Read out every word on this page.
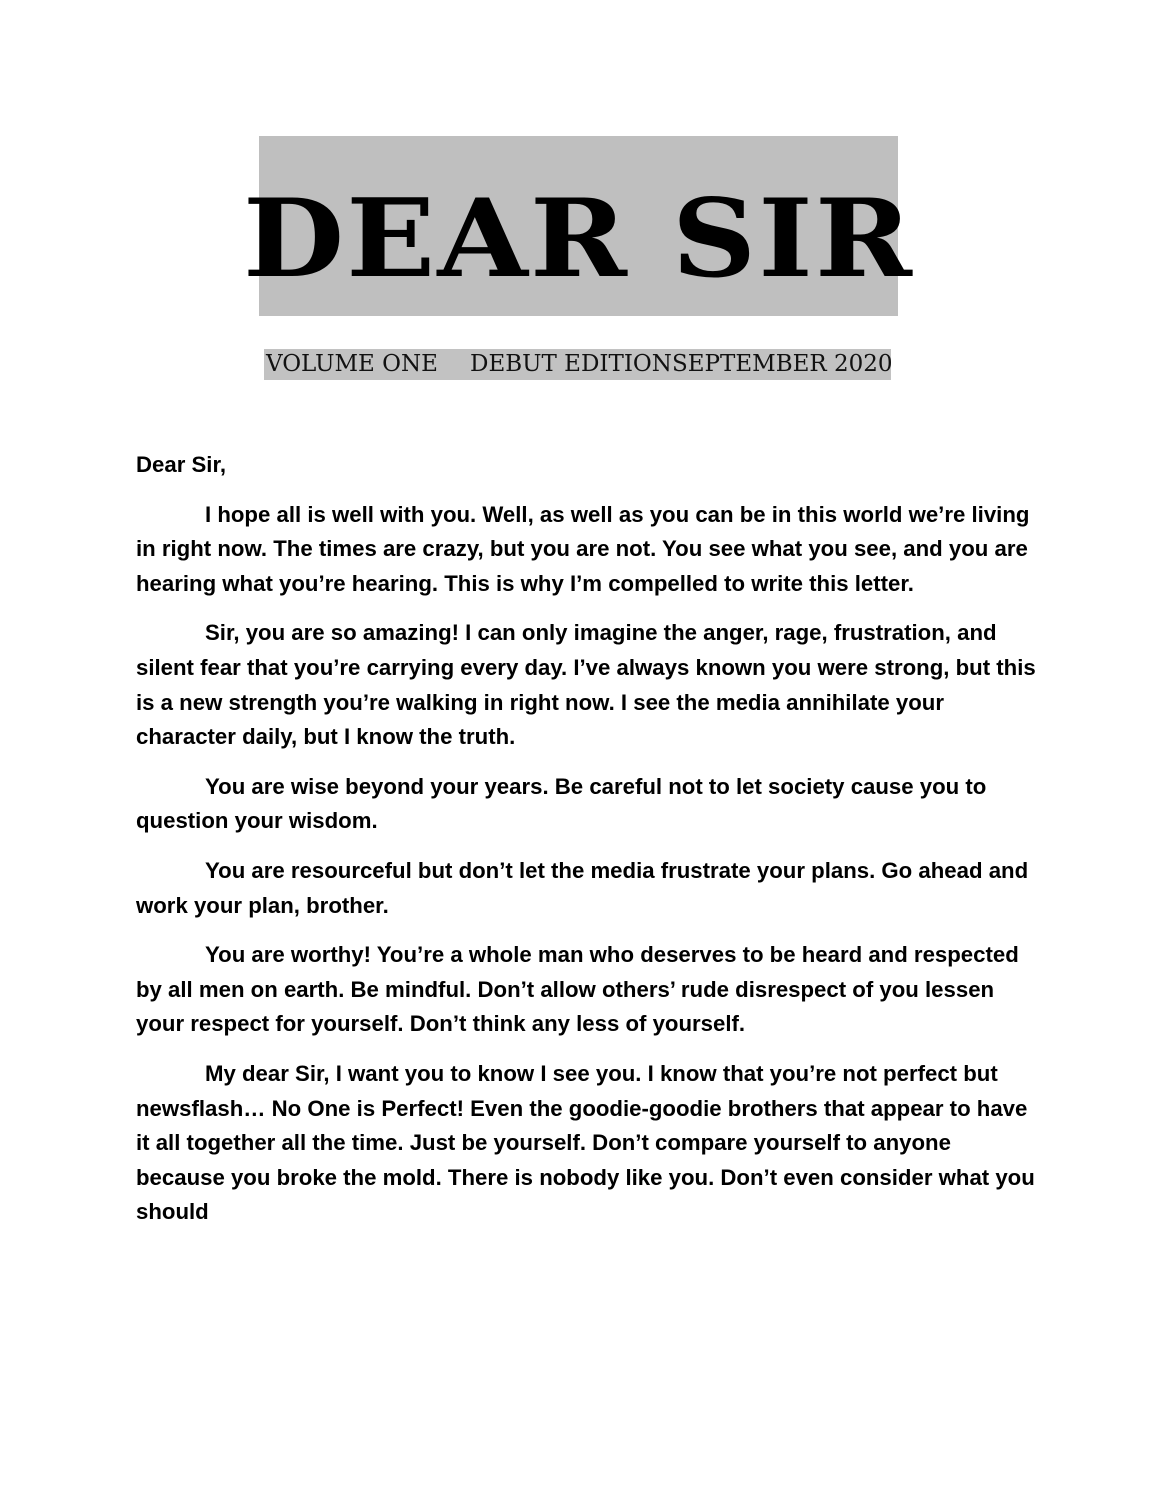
DEAR SIR
VOLUME ONE DEBUT EDITION SEPTEMBER 2020

Dear Sir,

I hope all is well with you. Well, as well as you can be in this world we’re living in right now. The times are crazy, but you are not. You see what you see, and you are hearing what you’re hearing. This is why I’m compelled to write this letter.

Sir, you are so amazing! I can only imagine the anger, rage, frustration, and silent fear that you’re carrying every day. I’ve always known you were strong, but this is a new strength you’re walking in right now. I see the media annihilate your character daily, but I know the truth.

You are wise beyond your years. Be careful not to let society cause you to question your wisdom.

You are resourceful but don’t let the media frustrate your plans. Go ahead and work your plan, brother.

You are worthy! You’re a whole man who deserves to be heard and respected by all men on earth. Be mindful. Don’t allow others’ rude disrespect of you lessen your respect for yourself. Don’t think any less of yourself.

My dear Sir, I want you to know I see you. I know that you’re not perfect but newsflash… No One is Perfect! Even the goodie-goodie brothers that appear to have it all together all the time. Just be yourself. Don’t compare yourself to anyone because you broke the mold. There is nobody like you. Don’t even consider what you should
